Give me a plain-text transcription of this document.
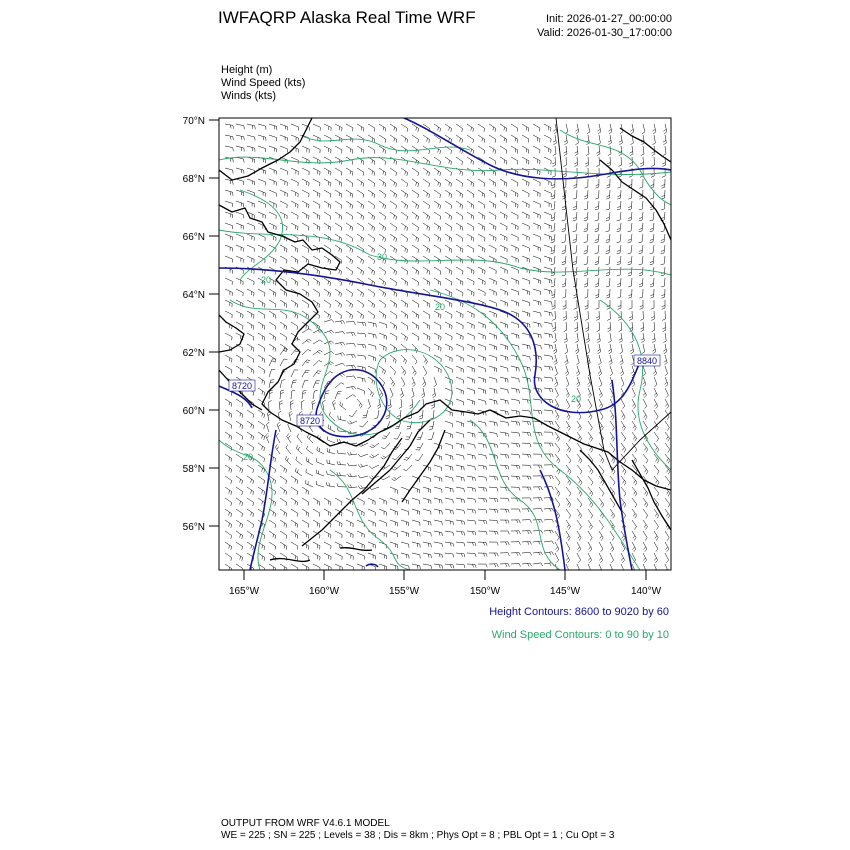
IWFAQRP Alaska Real Time WRF	Init: 2026-01-27_00:00:00
Valid: 2026-01-30_17:00:00
Height (m)
Wind Speed (kts)
Winds (kts)
70°N
68°N
66°N
64°N
62°N
60°N
58°N
56°N
165°W	160°W	155°W	150°W	145°W	140°W
8720
8720
8840
20
30
20
20
20
Height Contours: 8600 to 9020 by 60
Wind Speed Contours: 0 to 90 by 10
OUTPUT FROM WRF V4.6.1 MODEL
WE = 225 ; SN = 225 ; Levels = 38 ; Dis = 8km ; Phys Opt = 8 ; PBL Opt = 1 ; Cu Opt = 3
